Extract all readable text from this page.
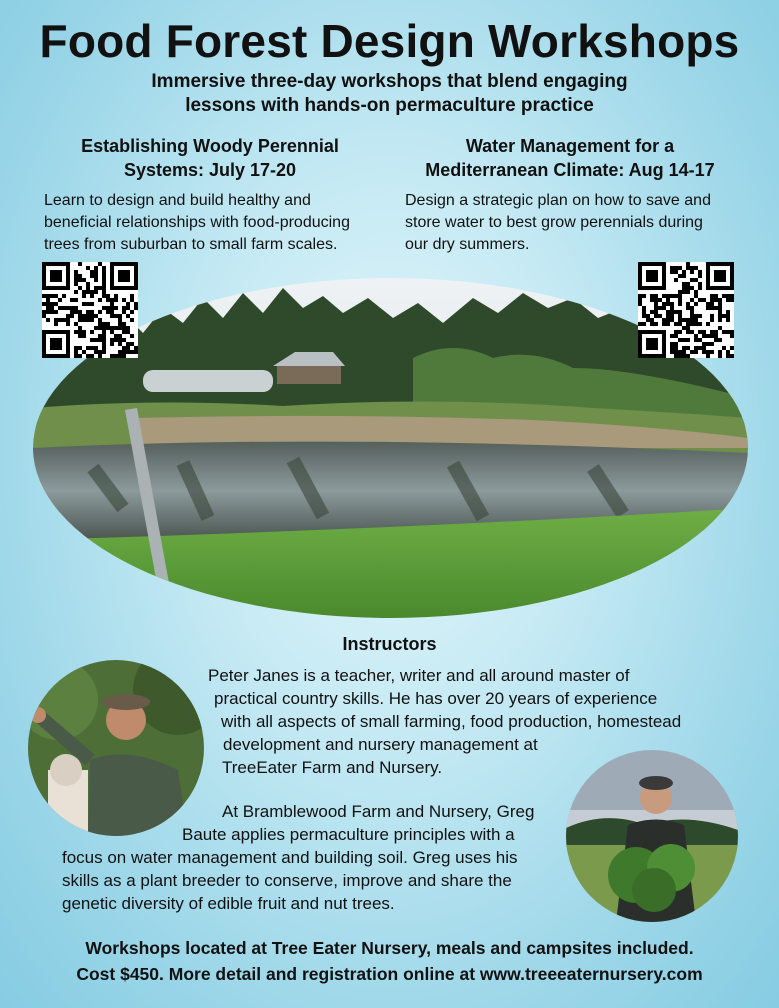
Food Forest Design Workshops
Immersive three-day workshops that blend engaging
lessons with hands-on permaculture practice
Establishing Woody Perennial
Systems: July 17-20
Learn to design and build healthy and
beneficial relationships with food-producing
trees from suburban to small farm scales.
Water Management for a
Mediterranean Climate: Aug 14-17
Design a strategic plan on how to save and
store water to best grow perennials during
our dry summers.
Instructors
Peter Janes is a teacher, writer and all around master of
practical country skills. He has over 20 years of experience
with all aspects of small farming, food production, homestead
development and nursery management at
TreeEater Farm and Nursery.
At Bramblewood Farm and Nursery, Greg
Baute applies permaculture principles with a
focus on water management and building soil. Greg uses his
skills as a plant breeder to conserve, improve and share the
genetic diversity of edible fruit and nut trees.
Workshops located at Tree Eater Nursery, meals and campsites included.
Cost $450. More detail and registration online at www.treeeaternursery.com
